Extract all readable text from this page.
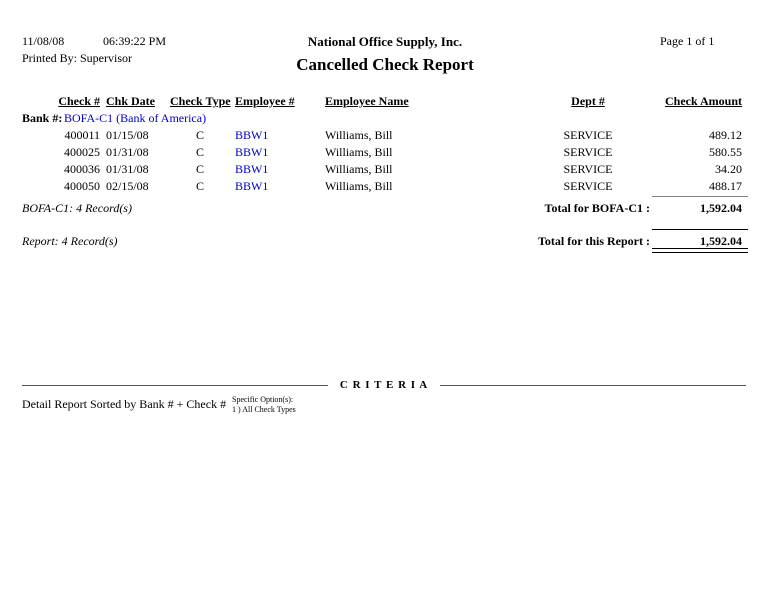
11/08/08	06:39:22 PM
Printed By: Supervisor
Page 1 of 1
National Office Supply, Inc.
Cancelled Check Report
Check # Chk Date	Check Type Employee #	Employee Name	Dept #	Check Amount
Bank #: BOFA-C1 (Bank of America)
400011 01/15/08	C	BBW1	Williams, Bill	SERVICE	489.12
400025 01/31/08	C	BBW1	Williams, Bill	SERVICE	580.55
400036 01/31/08	C	BBW1	Williams, Bill	SERVICE	34.20
400050 02/15/08	C	BBW1	Williams, Bill	SERVICE	488.17
BOFA-C1: 4 Record(s)	Total for BOFA-C1 :	1,592.04
Report: 4 Record(s)	Total for this Report :	1,592.04
C R I T E R I A
Detail Report Sorted by Bank # + Check # Specific Option(s):
1 ) All Check Types
